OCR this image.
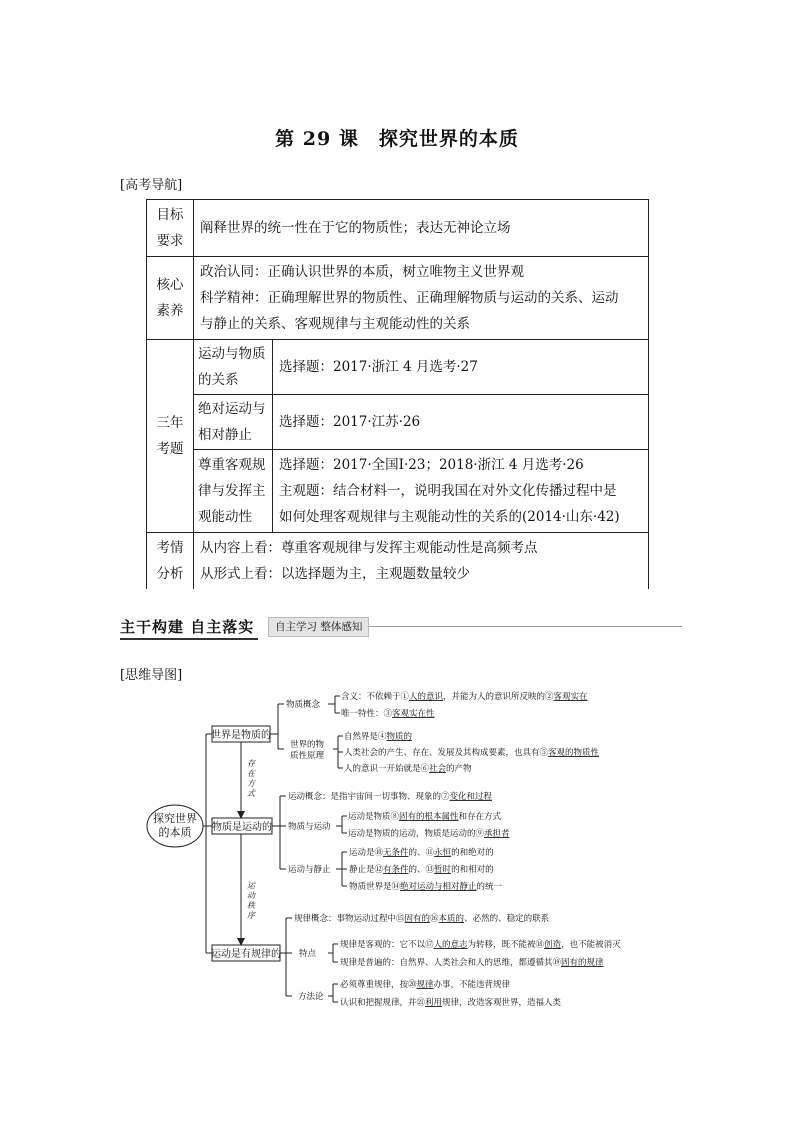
第 29 课 探究世界的本质
[高考导航]
目标
要求	阐释世界的统一性在于它的物质性；表达无神论立场	
核心
素养	政治认同：正确认识世界的本质，树立唯物主义世界观
科学精神：正确理解世界的物质性、正确理解物质与运动的关系、运动
与静止的关系、客观规律与主观能动性的关系	
三年
考题	运动与物质
的关系	选择题：2017·浙江 4 月选考·27
	绝对运动与
相对静止	选择题：2017·江苏·26
	尊重客观规
律与发挥主
观能动性	选择题：2017·全国Ⅰ·23；2018·浙江 4 月选考·26
主观题：结合材料一，说明我国在对外文化传播过程中是
如何处理客观规律与主观能动性的关系的(2014·山东·42)
考情
分析	从内容上看：尊重客观规律与发挥主观能动性是高频考点
从形式上看：以选择题为主，主观题数量较少	
主干构建 自主落实	自主学习 整体感知
[思维导图]
探究世界
的本质
世界是物质的
物质是运动的
运动是有规律的
存
在
方
式
运
动
秩
序
物质概念
含义：不依赖于①人的意识，并能为人的意识所反映的②客观实在
唯一特性：③客观实在性
世界的物
质性原理
自然界是④物质的
人类社会的产生、存在、发展及其构成要素，也具有⑤客观的物质性
人的意识一开始就是⑥社会的产物
运动概念：是指宇宙间一切事物、现象的⑦变化和过程
物质与运动
运动是物质⑧固有的根本属性和存在方式
运动是物质的运动，物质是运动的⑨承担者
运动与静止
运动是⑩无条件的、⑪永恒的和绝对的
静止是⑫有条件的、⑬暂时的和相对的
物质世界是⑭绝对运动与相对静止的统一
规律概念：事物运动过程中⑮固有的⑯本质的、必然的、稳定的联系
特点
规律是客观的：它不以⑰人的意志为转移，既不能被⑱创造，也不能被消灭
规律是普遍的：自然界、人类社会和人的思维，都遵循其⑲固有的规律
方法论
必须尊重规律，按⑳规律办事，不能违背规律
认识和把握规律，并㉑利用规律，改造客观世界，造福人类
